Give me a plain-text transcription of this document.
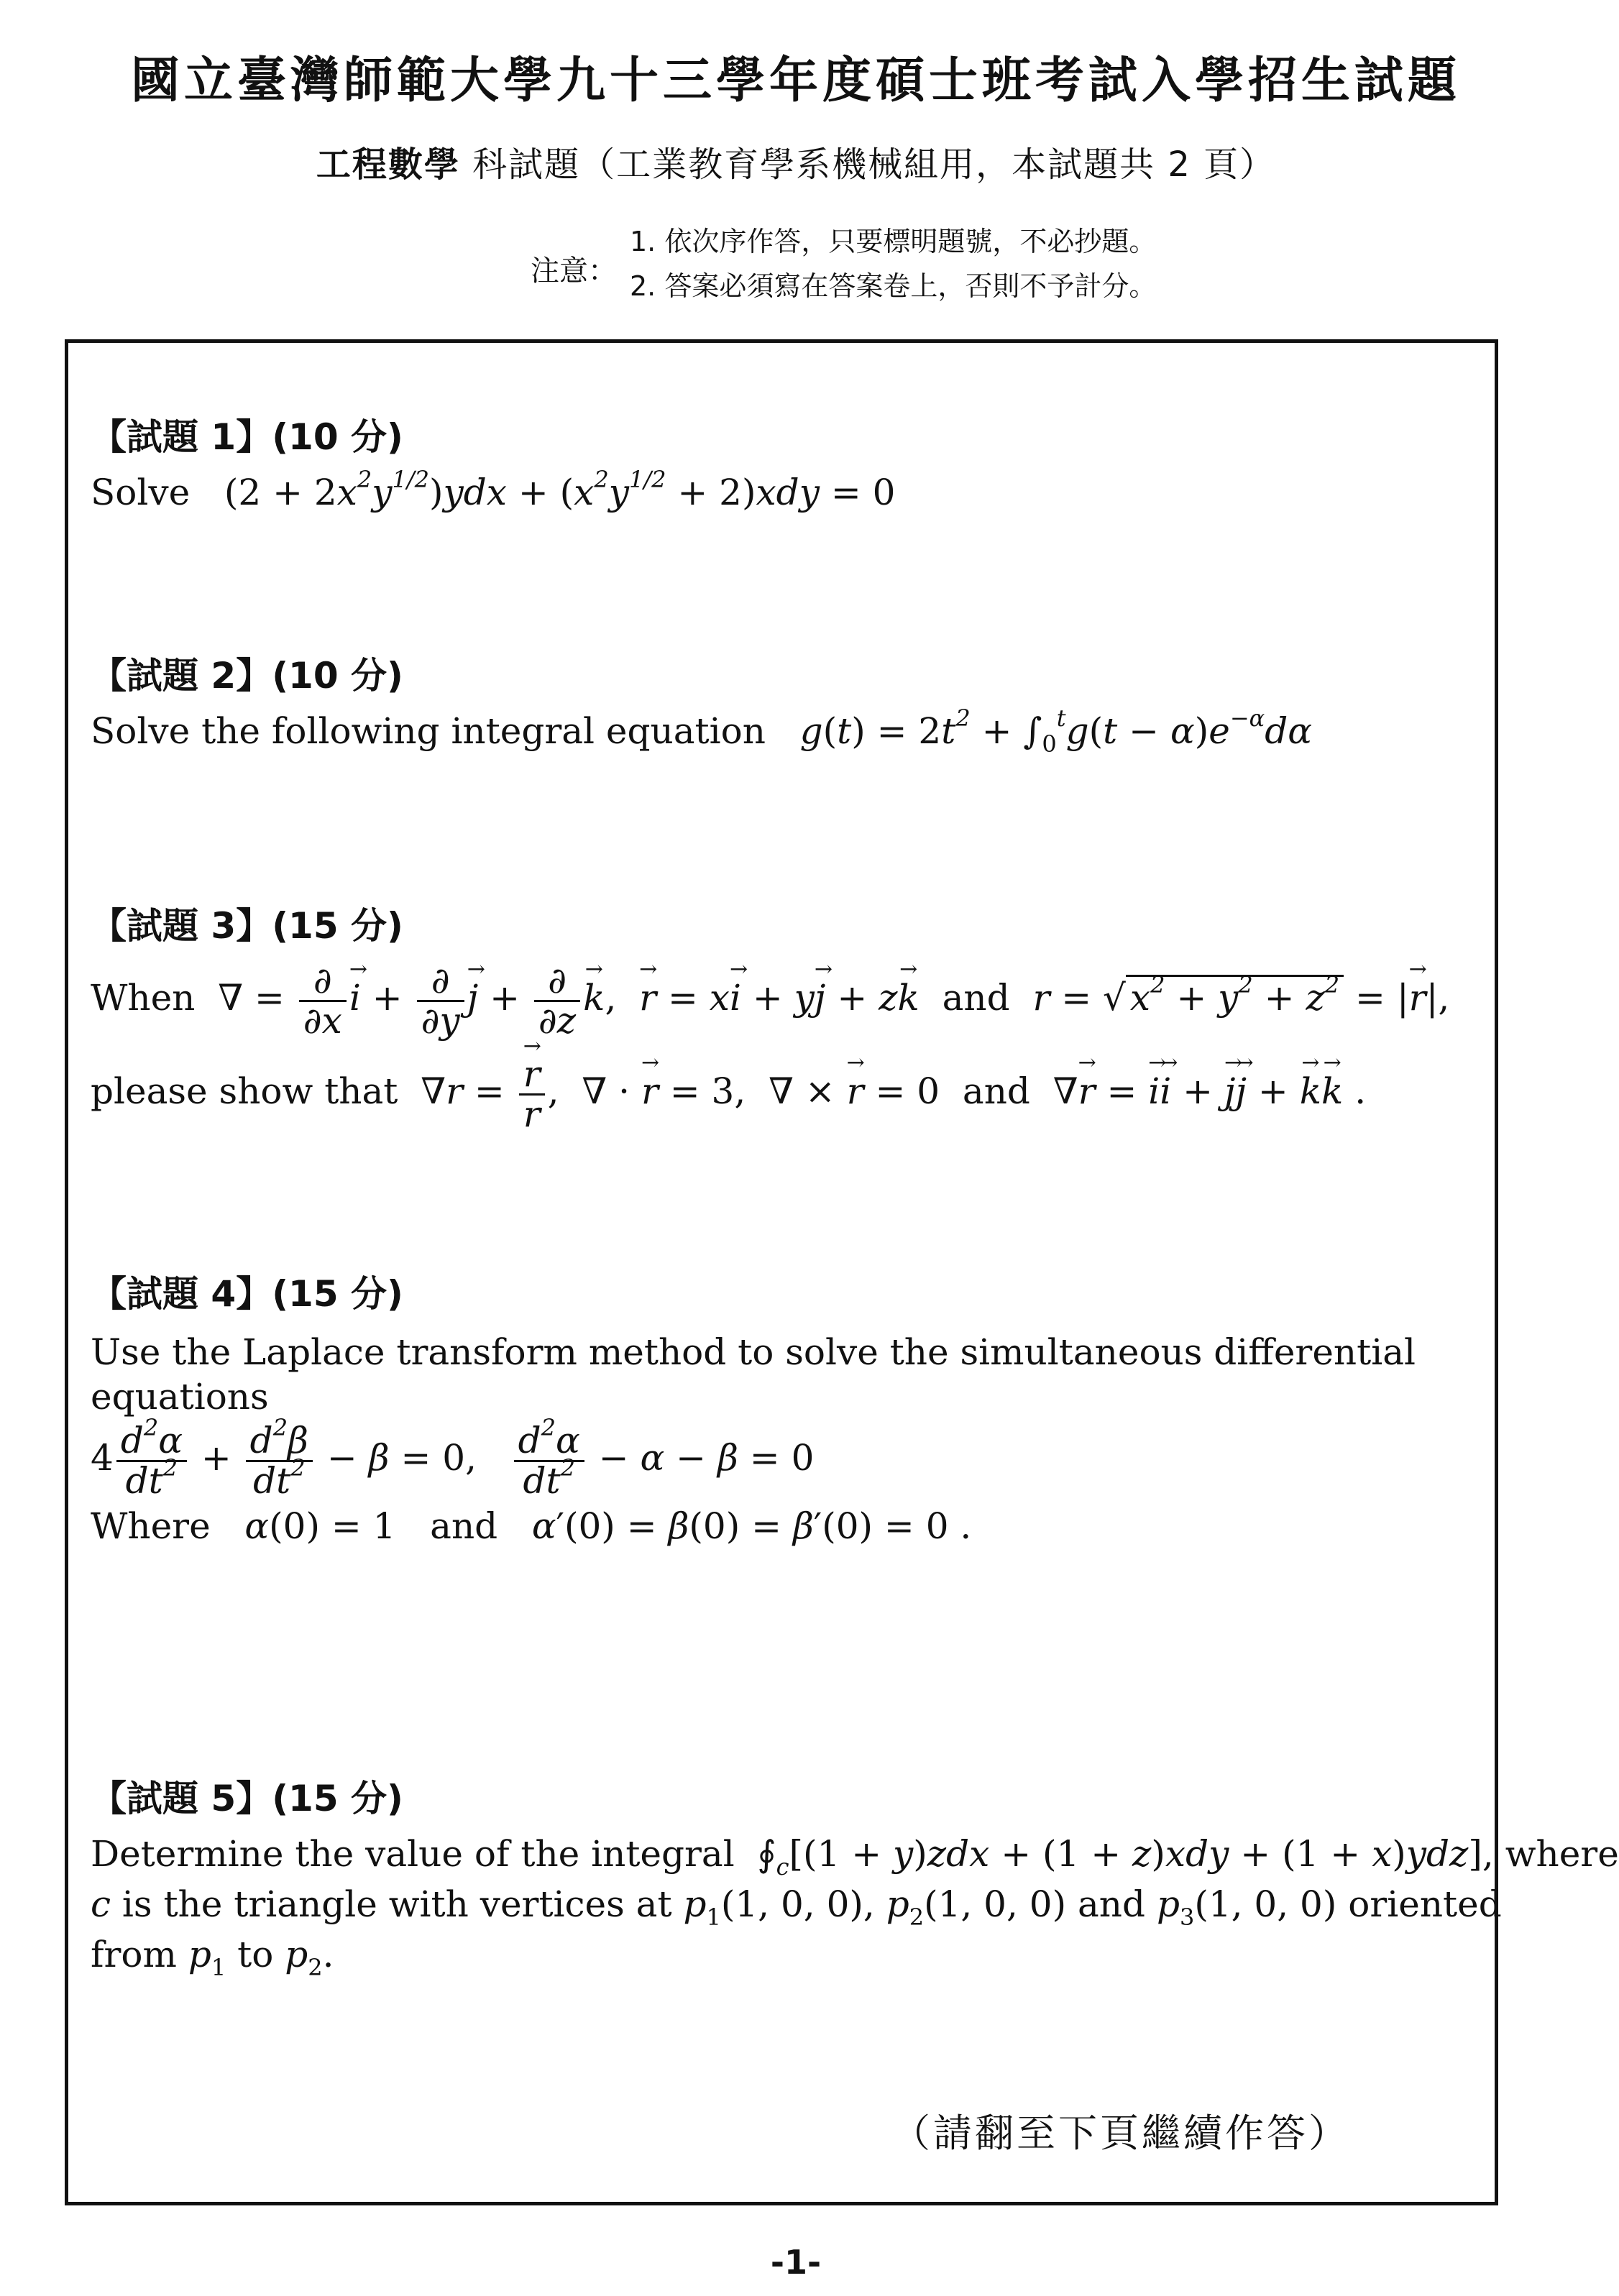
國立臺灣師範大學九十三學年度碩士班考試入學招生試題
工程數學 科試題（工業教育學系機械組用，本試題共 2 頁）
注意：
1. 依次序作答，只要標明題號，不必抄題。
2. 答案必須寫在答案卷上，否則不予計分。
【試題 1】(10 分)
Solve $(2 + 2x^2y^{1/2})ydx + (x^2y^{1/2} + 2)xdy = 0$
【試題 2】(10 分)
Solve the following integral equation $g(t) = 2t^2 + \int_0^tg(t - \alpha)e^{-\alpha}d\alpha$
【試題 3】(15 分)
When ∇ = $\frac{\partial}{\partial x}$
→ $i + \frac{\partial}{\partial y}$
→ $j + \frac{\partial}{\partial z}$
→ k,  → r = x→ i + y→ j + z→ k and r = √ $x^2 + y^2 + z^2$ = |→ r|,
please show that ∇r =
→ $\frac{r}{r}$ , ∇ · → r = 3, ∇ × → r = 0 and ∇→ r = → i→ i + → j→ j + → k→ k .
【試題 4】(15 分)
Use the Laplace transform method to solve the simultaneous differential
equations
$4 \frac{d^2\alpha}{dt^2} + \frac{d^2\beta}{dt^2} - \beta = 0$, $\frac{d^2\alpha}{dt^2} - \alpha - \beta = 0$
Where α(0) = 1 and α′(0) = β(0) = β′(0) = 0 .
【試題 5】(15 分)
Determine the value of the integral $∮_c[(1 + y)zdx + (1 + z)xdy + (1 + x)ydz]$, where
c is the triangle with vertices at $p_1(1$, 0, 0), $p_2(1$, 0, 0) and $p_3(1$, 0, 0) oriented
from $p_1$ to $p_2$.
（請翻至下頁繼續作答）
-1-
